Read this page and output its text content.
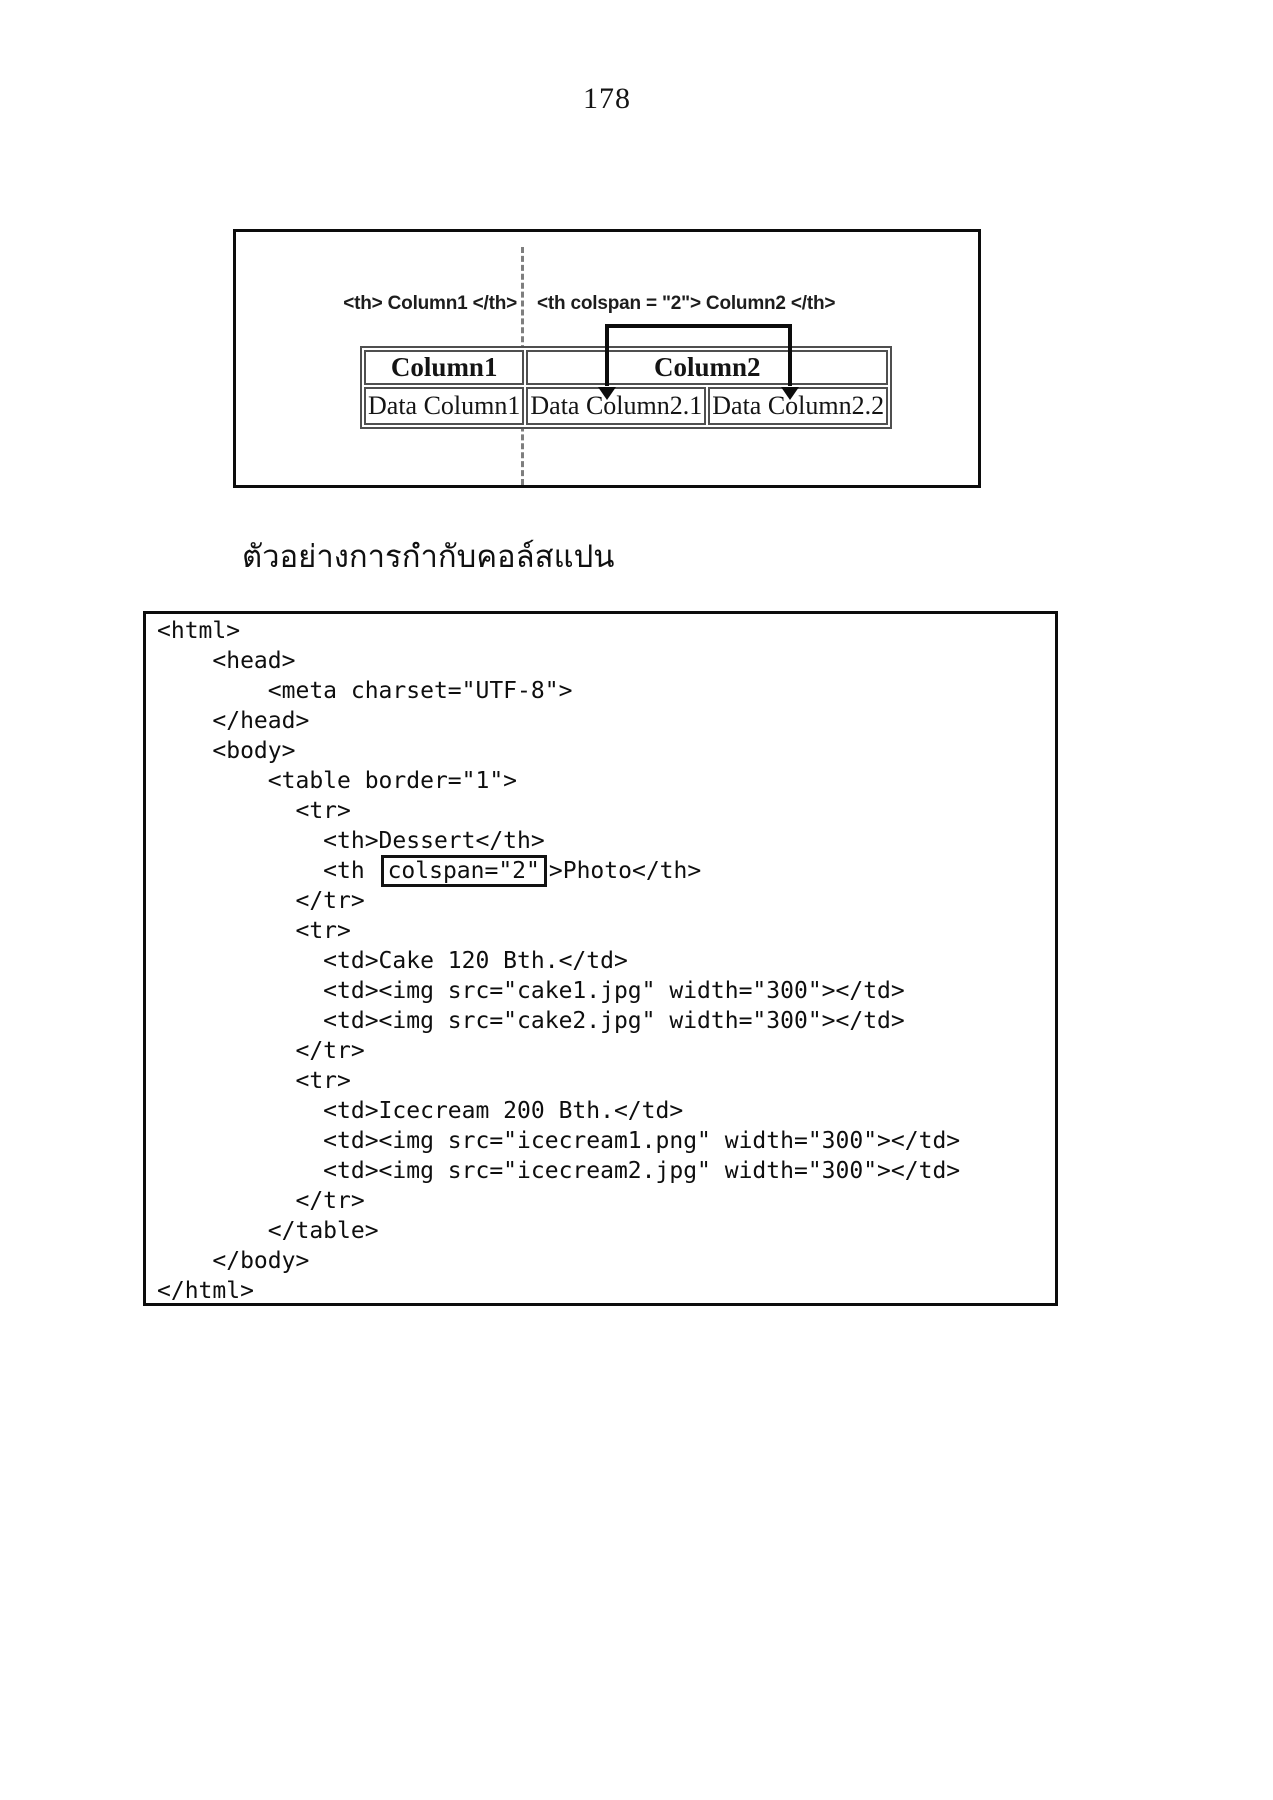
178
<th> Column1 </th> <th colspan = "2"> Column2 </th>
Column1	Column2	
Data Column1	Data Column2.1	Data Column2.2
ตัวอย่างการกำกับคอล์สแปน
<html>
<head>
<meta charset="UTF-8">
</head>
<body>
<table border="1">
<tr>
<th>Dessert</th>
<th colspan="2" >Photo</th>
</tr>
<tr>
<td>Cake 120 Bth.</td>
<td><img src="cake1.jpg" width="300"></td>
<td><img src="cake2.jpg" width="300"></td>
</tr>
<tr>
<td>Icecream 200 Bth.</td>
<td><img src="icecream1.png" width="300"></td>
<td><img src="icecream2.jpg" width="300"></td>
</tr>
</table>
</body>
</html>
